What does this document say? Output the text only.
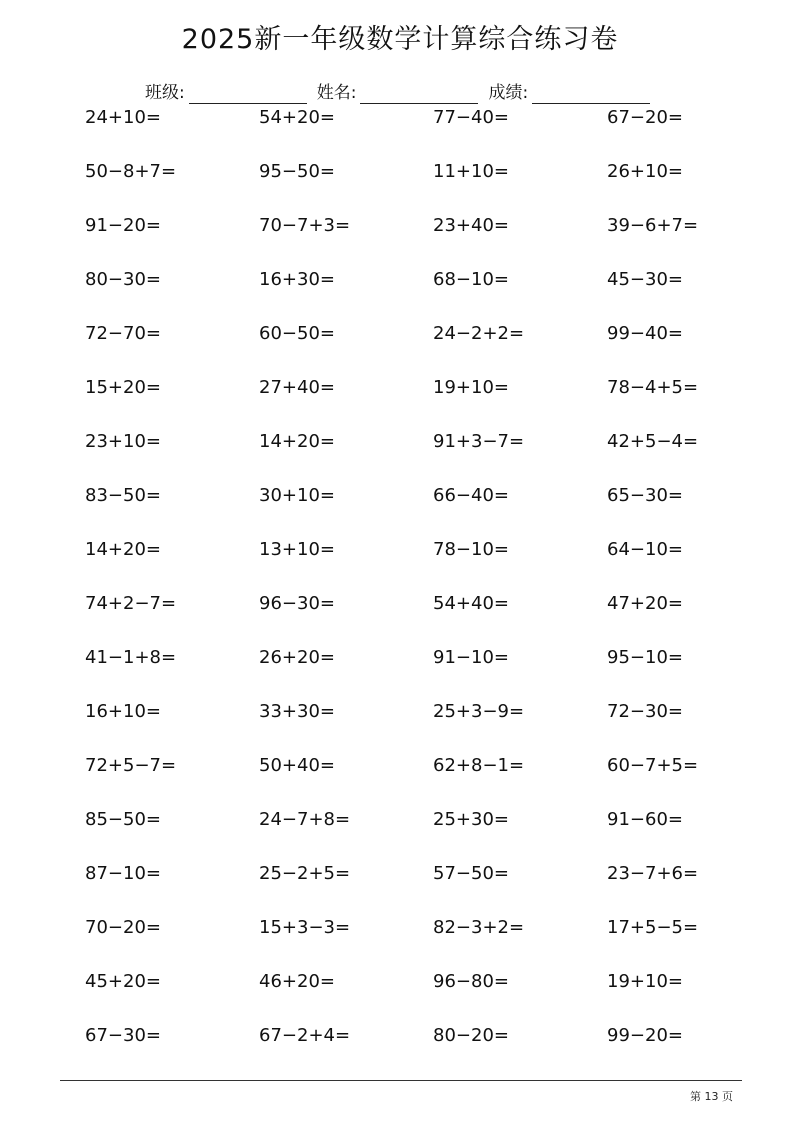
2025新一年级数学计算综合练习卷
班级:	姓名:	成绩:
24+10=	54+20=	77−40=	67−20=
50−8+7=	95−50=	11+10=	26+10=
91−20=	70−7+3=	23+40=	39−6+7=
80−30=	16+30=	68−10=	45−30=
72−70=	60−50=	24−2+2=	99−40=
15+20=	27+40=	19+10=	78−4+5=
23+10=	14+20=	91+3−7=	42+5−4=
83−50=	30+10=	66−40=	65−30=
14+20=	13+10=	78−10=	64−10=
74+2−7=	96−30=	54+40=	47+20=
41−1+8=	26+20=	91−10=	95−10=
16+10=	33+30=	25+3−9=	72−30=
72+5−7=	50+40=	62+8−1=	60−7+5=
85−50=	24−7+8=	25+30=	91−60=
87−10=	25−2+5=	57−50=	23−7+6=
70−20=	15+3−3=	82−3+2=	17+5−5=
45+20=	46+20=	96−80=	19+10=
67−30=	67−2+4=	80−20=	99−20=
第 13 页
